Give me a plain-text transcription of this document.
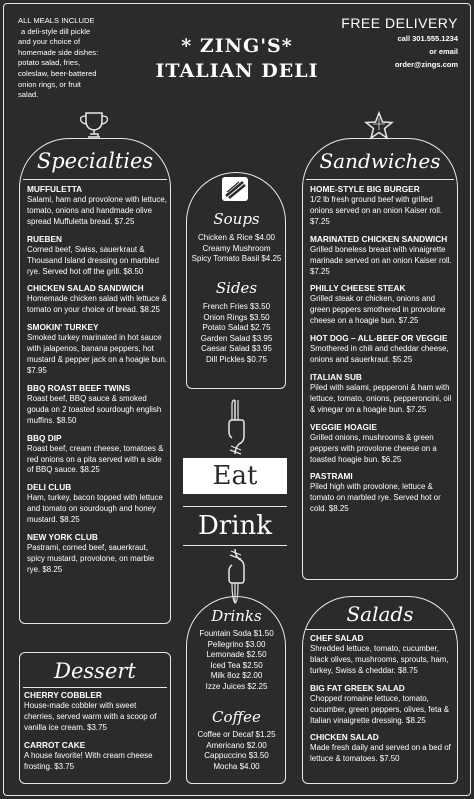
ALL MEALS INCLUDE
a deli-style dill pickle
and your choice of
homemade side dishes:
potato salad, fries,
coleslaw, beer-battered
onion rings, or fruit
salad.
FREE DELIVERY
call 301.555.1234
or email
order@zings.com
* ZING'S*
ITALIAN DELI
Specialties
MUFFULETTA
Salami, ham and provolone with lettuce, tomato, onions and handmade olive spread Muffuletta bread. $7.25
RUEBEN
Corned beef, Swiss, sauerkraut & Thousand Island dressing on marbled rye. Served hot off the grill. $8.50
CHICKEN SALAD SANDWICH
Homemade chicken salad with lettuce & tomato on your choice of bread. $8.25
SMOKIN' TURKEY
Smoked turkey marinated in hot sauce with jalapenos, banana peppers, hot mustard & pepper jack on a hoagie bun. $7.95
BBQ ROAST BEEF TWINS
Roast beef, BBQ sauce & smoked gouda on 2 toasted sourdough english muffins. $8.50
BBQ DIP
Roast beef, cream cheese, tomatoes & red onions on a pita served with a side of BBQ sauce. $8.25
DELI CLUB
Ham, turkey, bacon topped with lettuce and tomato on sourdough and honey mustard. $8.25
NEW YORK CLUB
Pastrami, corned beef, sauerkraut, spicy mustard, provolone, on marble rye. $8.25
Dessert
CHERRY COBBLER
House-made cobbler with sweet cherries, served warm with a scoop of vanilla ice cream. $3.75
CARROT CAKE
A house favorite! With cream cheese frosting. $3.75
Soups
Chicken & Rice $4.00
Creamy Mushroom
Spicy Tomato Basil $4.25
Sides
French Fries $3.50
Onion Rings $3.50
Potato Salad $2.75
Garden Salad $3.95
Caesar Salad $3.95
Dill Pickles $0.75
Eat
Drink
Drinks
Fountain Soda $1.50
Pellegrino $3.00
Lemonade $2.50
Iced Tea $2.50
Milk 8oz $2.00
Izze Juices $2.25
Coffee
Coffee or Decaf $1.25
Americano $2.00
Cappuccino $3.50
Mocha $4.00
Sandwiches
HOME-STYLE BIG BURGER
1/2 lb fresh ground beef with grilled onions served on an onion Kaiser roll. $7.25
MARINATED CHICKEN SANDWICH
Grilled boneless breast with vinaigrette marinade served on an onion Kaiser roll. $7.25
PHILLY CHEESE STEAK
Grilled steak or chicken, onions and green peppers smothered in provolone cheese on a hoagie bun. $7.25
HOT DOG – ALL-BEEF OR VEGGIE
Smothered in chili and cheddar cheese, onions and sauerkraut. $5.25
ITALIAN SUB
Piled with salami, pepperoni & ham with lettuce, tomato, onions, pepperoncini, oil & vinegar on a hoagie bun. $7.25
VEGGIE HOAGIE
Grilled onions, mushrooms & green peppers with provolone cheese on a toasted hoagie bun. $6.25
PASTRAMI
Piled high with provolone, lettuce & tomato on marbled rye. Served hot or cold. $8.25
Salads
CHEF SALAD
Shredded lettuce, tomato, cucumber, black olives, mushrooms, sprouts, ham, turkey, Swiss & cheddar. $8.75
BIG FAT GREEK SALAD
Chopped romaine lettuce, tomato, cucumber, green peppers, olives, feta & Italian vinaigrette dressing. $8.25
CHICKEN SALAD
Made fresh daily and served on a bed of lettuce & tomatoes. $7.50
